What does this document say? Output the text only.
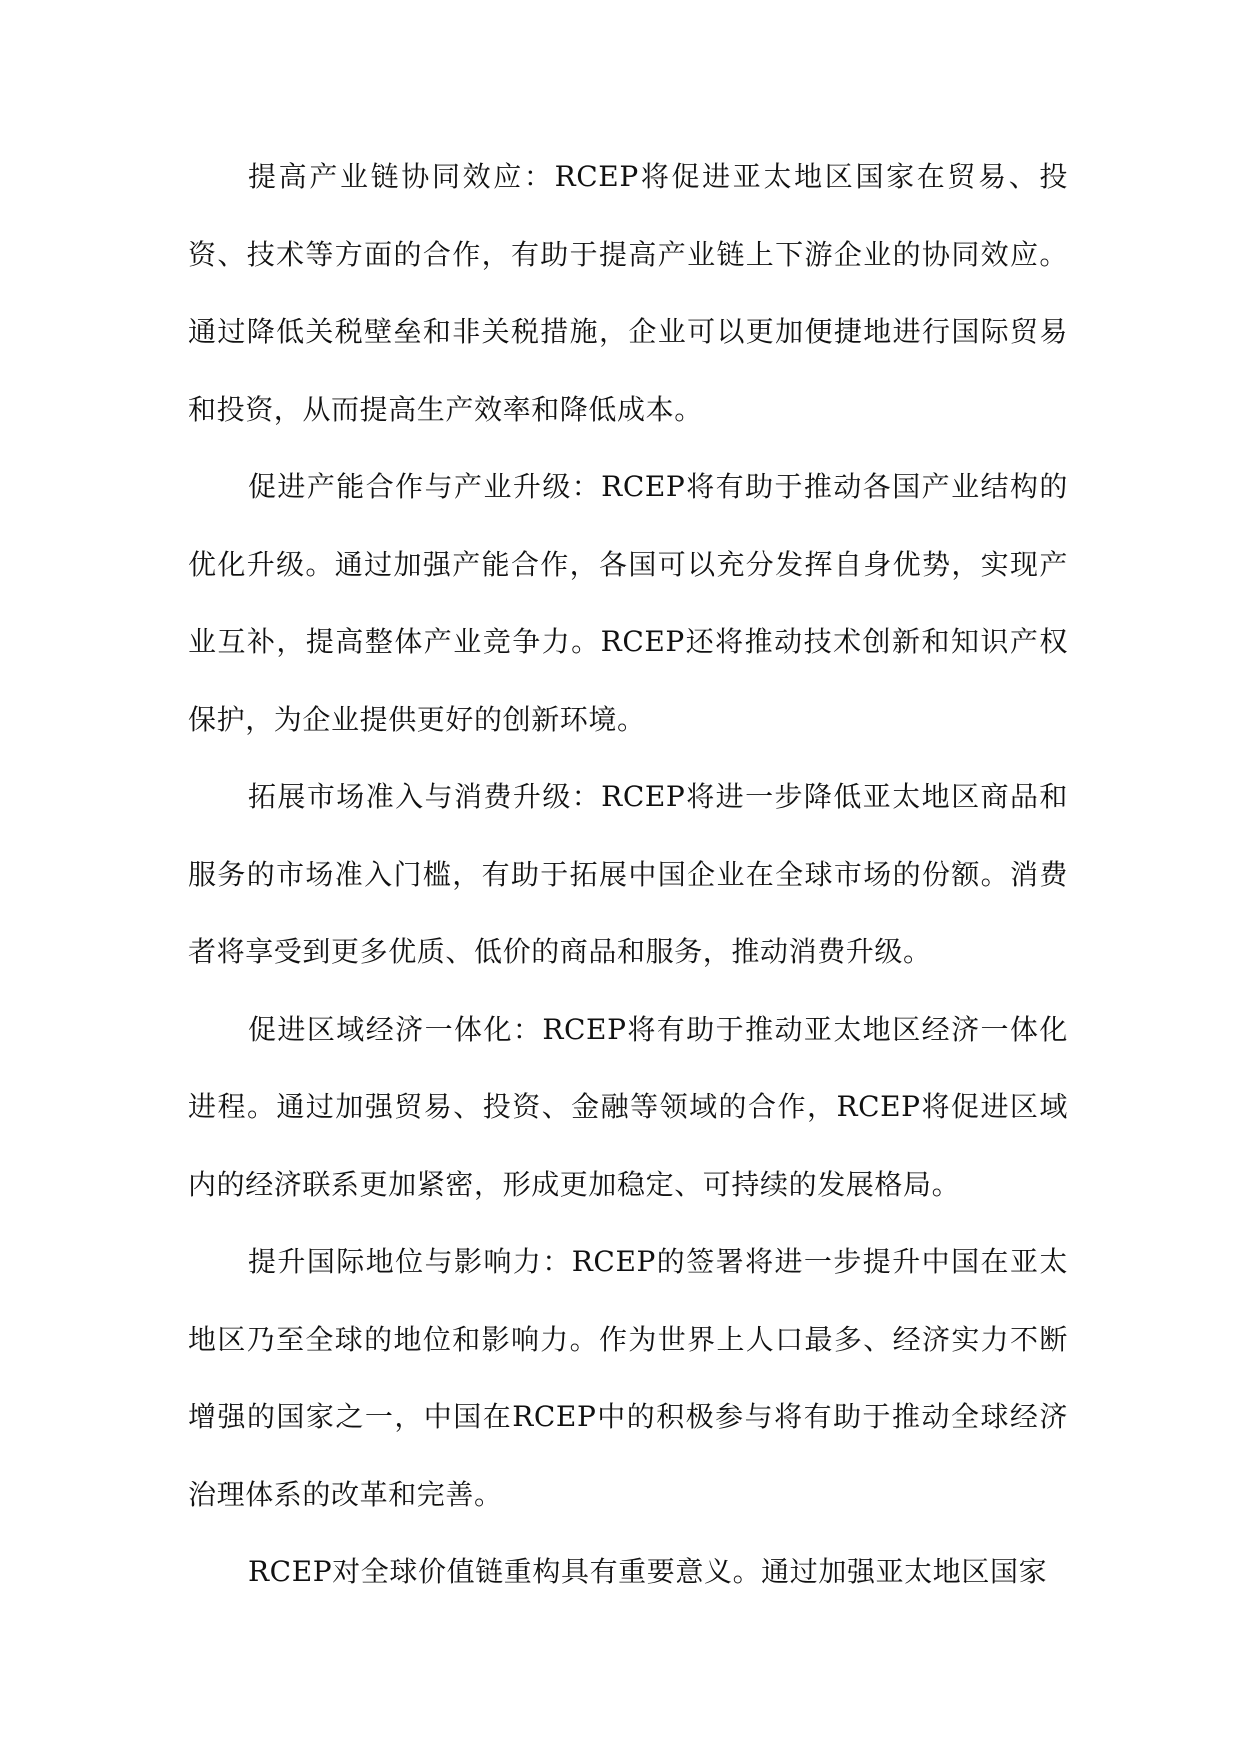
提高产业链协同效应：RCEP将促进亚太地区国家在贸易、投资、技术等方面的合作，有助于提高产业链上下游企业的协同效应。通过降低关税壁垒和非关税措施，企业可以更加便捷地进行国际贸易和投资，从而提高生产效率和降低成本。

促进产能合作与产业升级：RCEP将有助于推动各国产业结构的优化升级。通过加强产能合作，各国可以充分发挥自身优势，实现产业互补，提高整体产业竞争力。RCEP还将推动技术创新和知识产权保护，为企业提供更好的创新环境。

拓展市场准入与消费升级：RCEP将进一步降低亚太地区商品和服务的市场准入门槛，有助于拓展中国企业在全球市场的份额。消费者将享受到更多优质、低价的商品和服务，推动消费升级。

促进区域经济一体化：RCEP将有助于推动亚太地区经济一体化进程。通过加强贸易、投资、金融等领域的合作，RCEP将促进区域内的经济联系更加紧密，形成更加稳定、可持续的发展格局。

提升国际地位与影响力：RCEP的签署将进一步提升中国在亚太地区乃至全球的地位和影响力。作为世界上人口最多、经济实力不断增强的国家之一，中国在RCEP中的积极参与将有助于推动全球经济治理体系的改革和完善。

RCEP对全球价值链重构具有重要意义。通过加强亚太地区国家
